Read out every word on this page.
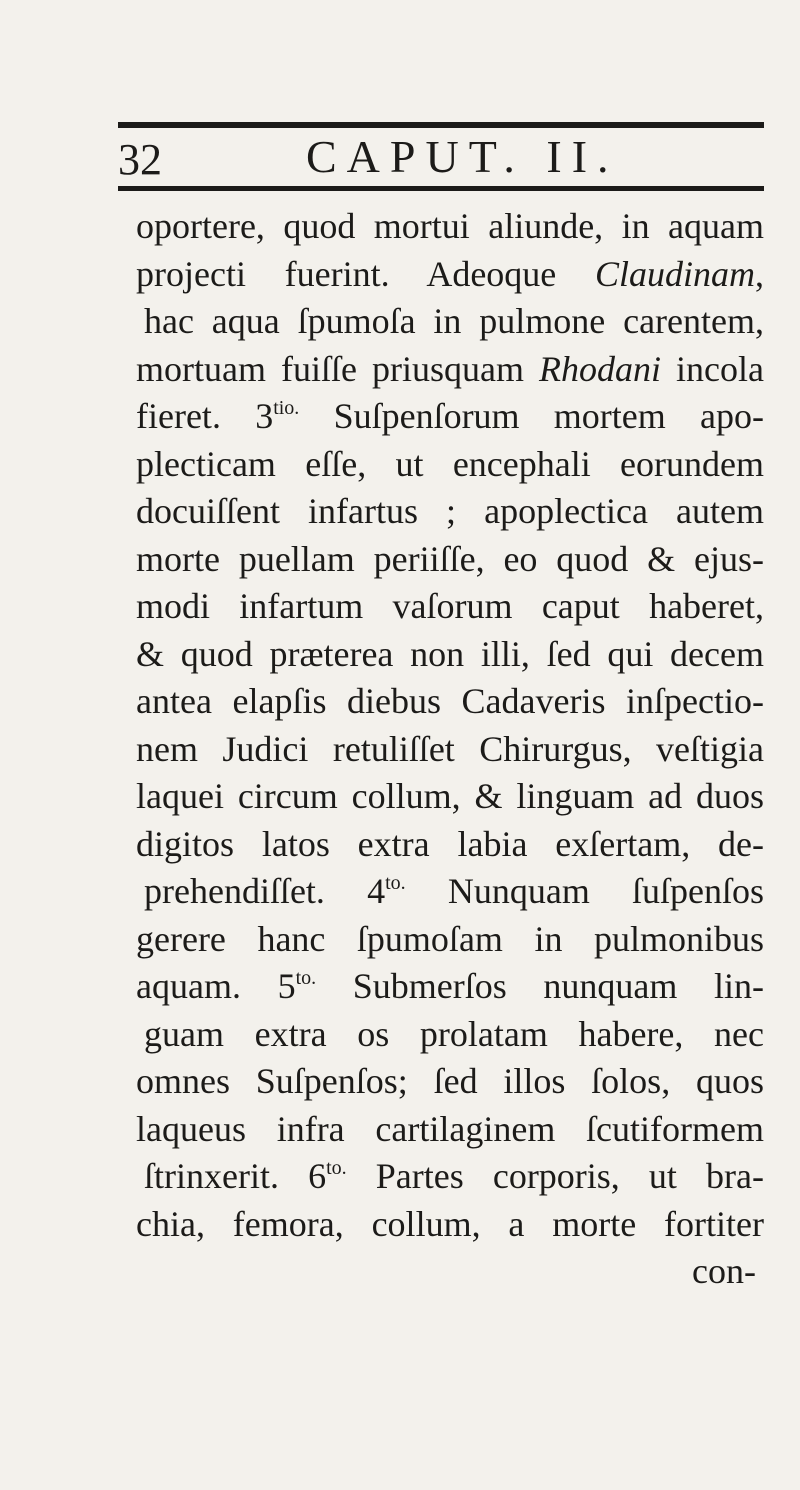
32	CAPUT. II.
oportere, quod mortui aliunde, in aquam
projecti fuerint. Adeoque Claudinam,
hac aqua ſpumoſa in pulmone carentem,
mortuam fuiſſe priusquam Rhodani incola
fieret. $3^{tio.}$ Suſpenſorum mortem apo-
plecticam eſſe, ut encephali eorundem
docuiſſent infartus ; apoplectica autem
morte puellam periiſſe, eo quod & ejus-
modi infartum vaſorum caput haberet,
& quod præterea non illi, ſed qui decem
antea elapſis diebus Cadaveris inſpectio-
nem Judici retuliſſet Chirurgus, veſtigia
laquei circum collum, & linguam ad duos
digitos latos extra labia exſertam, de-
prehendiſſet. $4^{to.}$ Nunquam ſuſpenſos
gerere hanc ſpumoſam in pulmonibus
aquam. $5^{to.}$ Submerſos nunquam lin-
guam extra os prolatam habere, nec
omnes Suſpenſos; ſed illos ſolos, quos
laqueus infra cartilaginem ſcutiformem
ſtrinxerit. $6^{to.}$ Partes corporis, ut bra-
chia, femora, collum, a morte fortiter
con-
